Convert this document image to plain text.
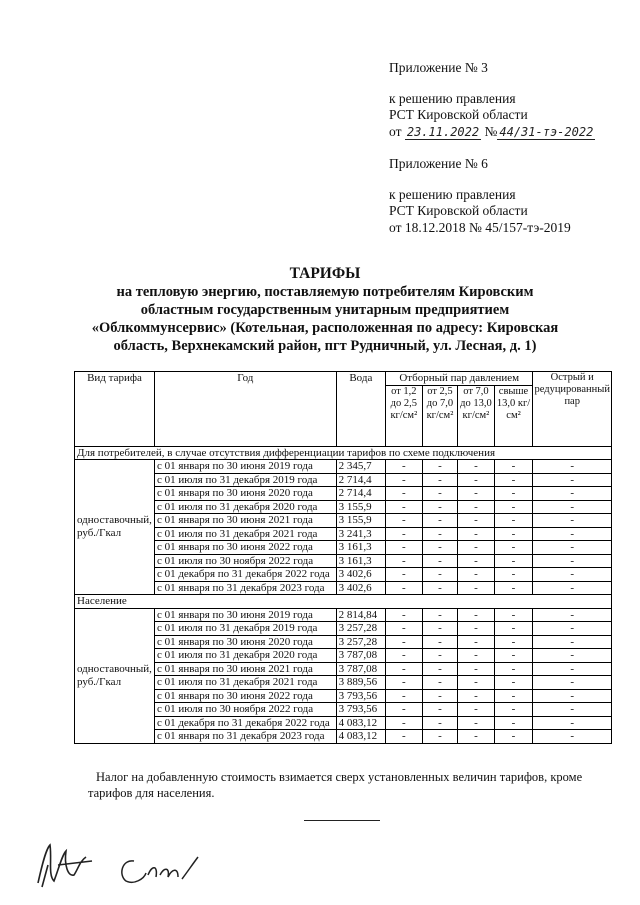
Приложение № 3
к решению правления
РСТ Кировской области
от 23.11.2022 № 44/31-тэ-2022
Приложение № 6
к решению правления
РСТ Кировской области
от 18.12.2018 № 45/157-тэ-2019
ТАРИФЫ
на тепловую энергию, поставляемую потребителям Кировским
областным государственным унитарным предприятием
«Облкоммунсервис» (Котельная, расположенная по адресу: Кировская
область, Верхнекамский район, пгт Рудничный, ул. Лесная, д. 1)
Вид тарифа	Год	Вода	Отборный пар давлением				Острый и редуцированный пар
			от 1,2 до 2,5 кг/см²	от 2,5 до 7,0 кг/см²	от 7,0 до 13,0 кг/см²	свыше 13,0 кг/см²	
Для потребителей, в случае отсутствия дифференциации тарифов по схеме подключения							
одноставочный, руб./Гкал	с 01 января по 30 июня 2019 года	2 345,7	-	-	-	-	-
	с 01 июля по 31 декабря 2019 года	2 714,4	-	-	-	-	-
	с 01 января по 30 июня 2020 года	2 714,4	-	-	-	-	-
	с 01 июля по 31 декабря 2020 года	3 155,9	-	-	-	-	-
	с 01 января по 30 июня 2021 года	3 155,9	-	-	-	-	-
	с 01 июля по 31 декабря 2021 года	3 241,3	-	-	-	-	-
	с 01 января по 30 июня 2022 года	3 161,3	-	-	-	-	-
	с 01 июля по 30 ноября 2022 года	3 161,3	-	-	-	-	-
	с 01 декабря по 31 декабря 2022 года	3 402,6	-	-	-	-	-
	с 01 января по 31 декабря 2023 года	3 402,6	-	-	-	-	-
Население							
одноставочный, руб./Гкал	с 01 января по 30 июня 2019 года	2 814,84	-	-	-	-	-
	с 01 июля по 31 декабря 2019 года	3 257,28	-	-	-	-	-
	с 01 января по 30 июня 2020 года	3 257,28	-	-	-	-	-
	с 01 июля по 31 декабря 2020 года	3 787,08	-	-	-	-	-
	с 01 января по 30 июня 2021 года	3 787,08	-	-	-	-	-
	с 01 июля по 31 декабря 2021 года	3 889,56	-	-	-	-	-
	с 01 января по 30 июня 2022 года	3 793,56	-	-	-	-	-
	с 01 июля по 30 ноября 2022 года	3 793,56	-	-	-	-	-
	с 01 декабря по 31 декабря 2022 года	4 083,12	-	-	-	-	-
	с 01 января по 31 декабря 2023 года	4 083,12	-	-	-	-	-
Налог на добавленную стоимость взимается сверх установленных величин тарифов, кроме тарифов для населения.
